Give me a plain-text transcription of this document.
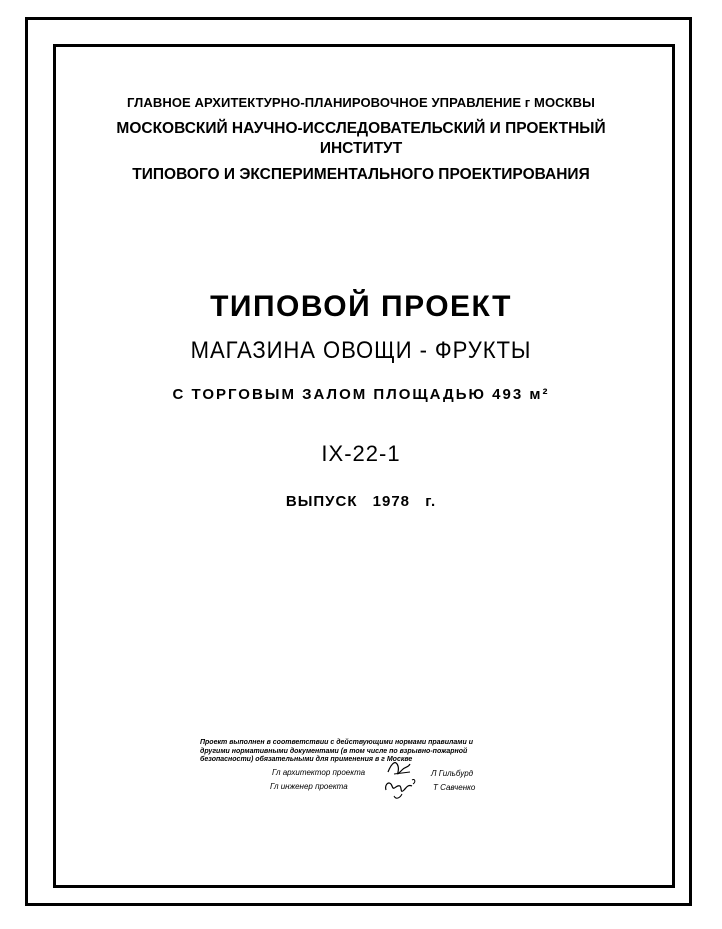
ГЛАВНОЕ АРХИТЕКТУРНО-ПЛАНИРОВОЧНОЕ УПРАВЛЕНИЕ г МОСКВЫ
МОСКОВСКИЙ НАУЧНО-ИССЛЕДОВАТЕЛЬСКИЙ И ПРОЕКТНЫЙ
ИНСТИТУТ
ТИПОВОГО И ЭКСПЕРИМЕНТАЛЬНОГО ПРОЕКТИРОВАНИЯ
ТИПОВОЙ ПРОЕКТ
МАГАЗИНА ОВОЩИ - ФРУКТЫ
С ТОРГОВЫМ ЗАЛОМ ПЛОЩАДЬЮ 493 м²
IX-22-1
ВЫПУСК 1978 г.
Проект выполнен в соответствии с действующими нормами правилами и
другими нормативными документами (в том числе по взрывно-пожарной
безопасности) обязательными для применения в г Москве
Гл архитектор проекта	Л Гильбурд
Гл инженер проекта	Т Савченко
